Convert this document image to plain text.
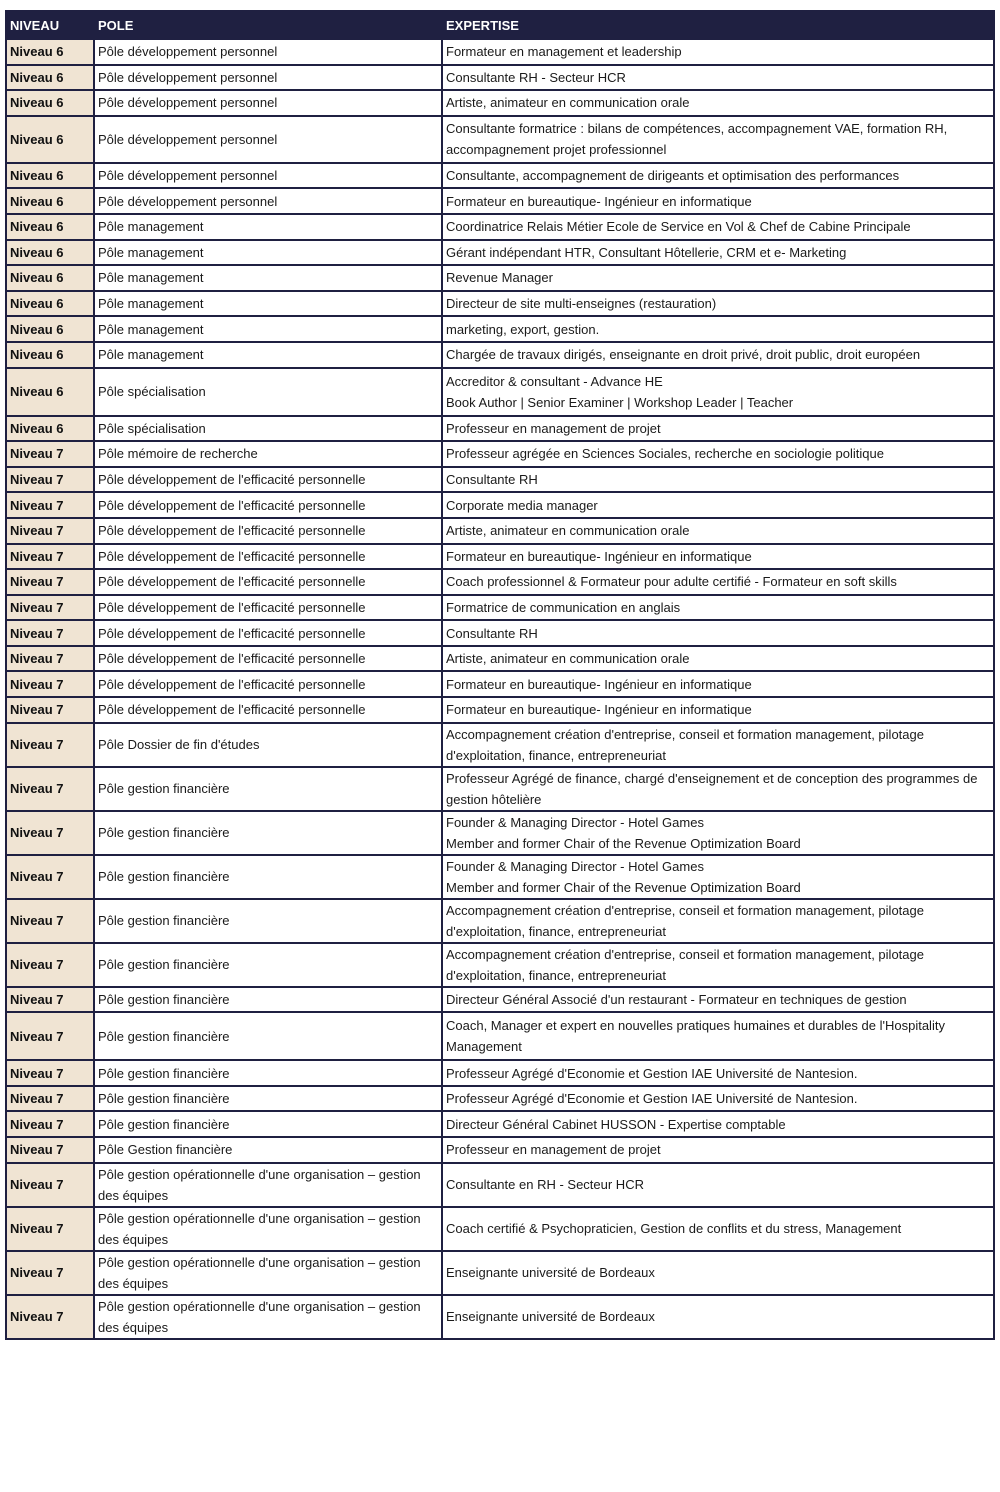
NIVEAU	POLE	EXPERTISE
Niveau 6	Pôle développement personnel	Formateur en management et leadership
Niveau 6	Pôle développement personnel	Consultante RH - Secteur HCR
Niveau 6	Pôle développement personnel	Artiste, animateur en communication orale
Niveau 6	Pôle développement personnel	Consultante formatrice : bilans de compétences, accompagnement VAE, formation RH, accompagnement projet professionnel
Niveau 6	Pôle développement personnel	Consultante, accompagnement de dirigeants et optimisation des performances
Niveau 6	Pôle développement personnel	Formateur en bureautique- Ingénieur en informatique
Niveau 6	Pôle management	Coordinatrice Relais Métier Ecole de Service en Vol & Chef de Cabine Principale
Niveau 6	Pôle management	Gérant indépendant HTR, Consultant Hôtellerie, CRM et e- Marketing
Niveau 6	Pôle management	Revenue Manager
Niveau 6	Pôle management	Directeur de site multi-enseignes (restauration)
Niveau 6	Pôle management	marketing, export, gestion.
Niveau 6	Pôle management	Chargée de travaux dirigés, enseignante en droit privé, droit public, droit européen
Niveau 6	Pôle spécialisation	Accreditor & consultant - Advance HE
Book Author | Senior Examiner | Workshop Leader | Teacher
Niveau 6	Pôle spécialisation	Professeur en management de projet
Niveau 7	Pôle mémoire de recherche	Professeur agrégée en Sciences Sociales, recherche en sociologie politique
Niveau 7	Pôle développement de l'efficacité personnelle	Consultante RH
Niveau 7	Pôle développement de l'efficacité personnelle	Corporate media manager
Niveau 7	Pôle développement de l'efficacité personnelle	Artiste, animateur en communication orale
Niveau 7	Pôle développement de l'efficacité personnelle	Formateur en bureautique- Ingénieur en informatique
Niveau 7	Pôle développement de l'efficacité personnelle	Coach professionnel & Formateur pour adulte certifié - Formateur en soft skills
Niveau 7	Pôle développement de l'efficacité personnelle	Formatrice de communication en anglais
Niveau 7	Pôle développement de l'efficacité personnelle	Consultante RH
Niveau 7	Pôle développement de l'efficacité personnelle	Artiste, animateur en communication orale
Niveau 7	Pôle développement de l'efficacité personnelle	Formateur en bureautique- Ingénieur en informatique
Niveau 7	Pôle développement de l'efficacité personnelle	Formateur en bureautique- Ingénieur en informatique
Niveau 7	Pôle Dossier de fin d'études	Accompagnement création d'entreprise, conseil et formation management, pilotage d'exploitation, finance, entrepreneuriat
Niveau 7	Pôle gestion financière	Professeur Agrégé de finance, chargé d'enseignement et de conception des programmes de gestion hôtelière
Niveau 7	Pôle gestion financière	Founder & Managing Director - Hotel Games
Member and former Chair of the Revenue Optimization Board
Niveau 7	Pôle gestion financière	Founder & Managing Director - Hotel Games
Member and former Chair of the Revenue Optimization Board
Niveau 7	Pôle gestion financière	Accompagnement création d'entreprise, conseil et formation management, pilotage d'exploitation, finance, entrepreneuriat
Niveau 7	Pôle gestion financière	Accompagnement création d'entreprise, conseil et formation management, pilotage d'exploitation, finance, entrepreneuriat
Niveau 7	Pôle gestion financière	Directeur Général Associé d'un restaurant - Formateur en techniques de gestion
Niveau 7	Pôle gestion financière	Coach, Manager et expert en nouvelles pratiques humaines et durables de l'Hospitality Management
Niveau 7	Pôle gestion financière	Professeur Agrégé d'Economie et Gestion IAE Université de Nantesion.
Niveau 7	Pôle gestion financière	Professeur Agrégé d'Economie et Gestion IAE Université de Nantesion.
Niveau 7	Pôle gestion financière	Directeur Général Cabinet HUSSON - Expertise comptable
Niveau 7	Pôle Gestion financière	Professeur en management de projet
Niveau 7	Pôle gestion opérationnelle d'une organisation – gestion des équipes	Consultante en RH - Secteur HCR
Niveau 7	Pôle gestion opérationnelle d'une organisation – gestion des équipes	Coach certifié & Psychopraticien, Gestion de conflits et du stress, Management
Niveau 7	Pôle gestion opérationnelle d'une organisation – gestion des équipes	Enseignante université de Bordeaux
Niveau 7	Pôle gestion opérationnelle d'une organisation – gestion des équipes	Enseignante université de Bordeaux
